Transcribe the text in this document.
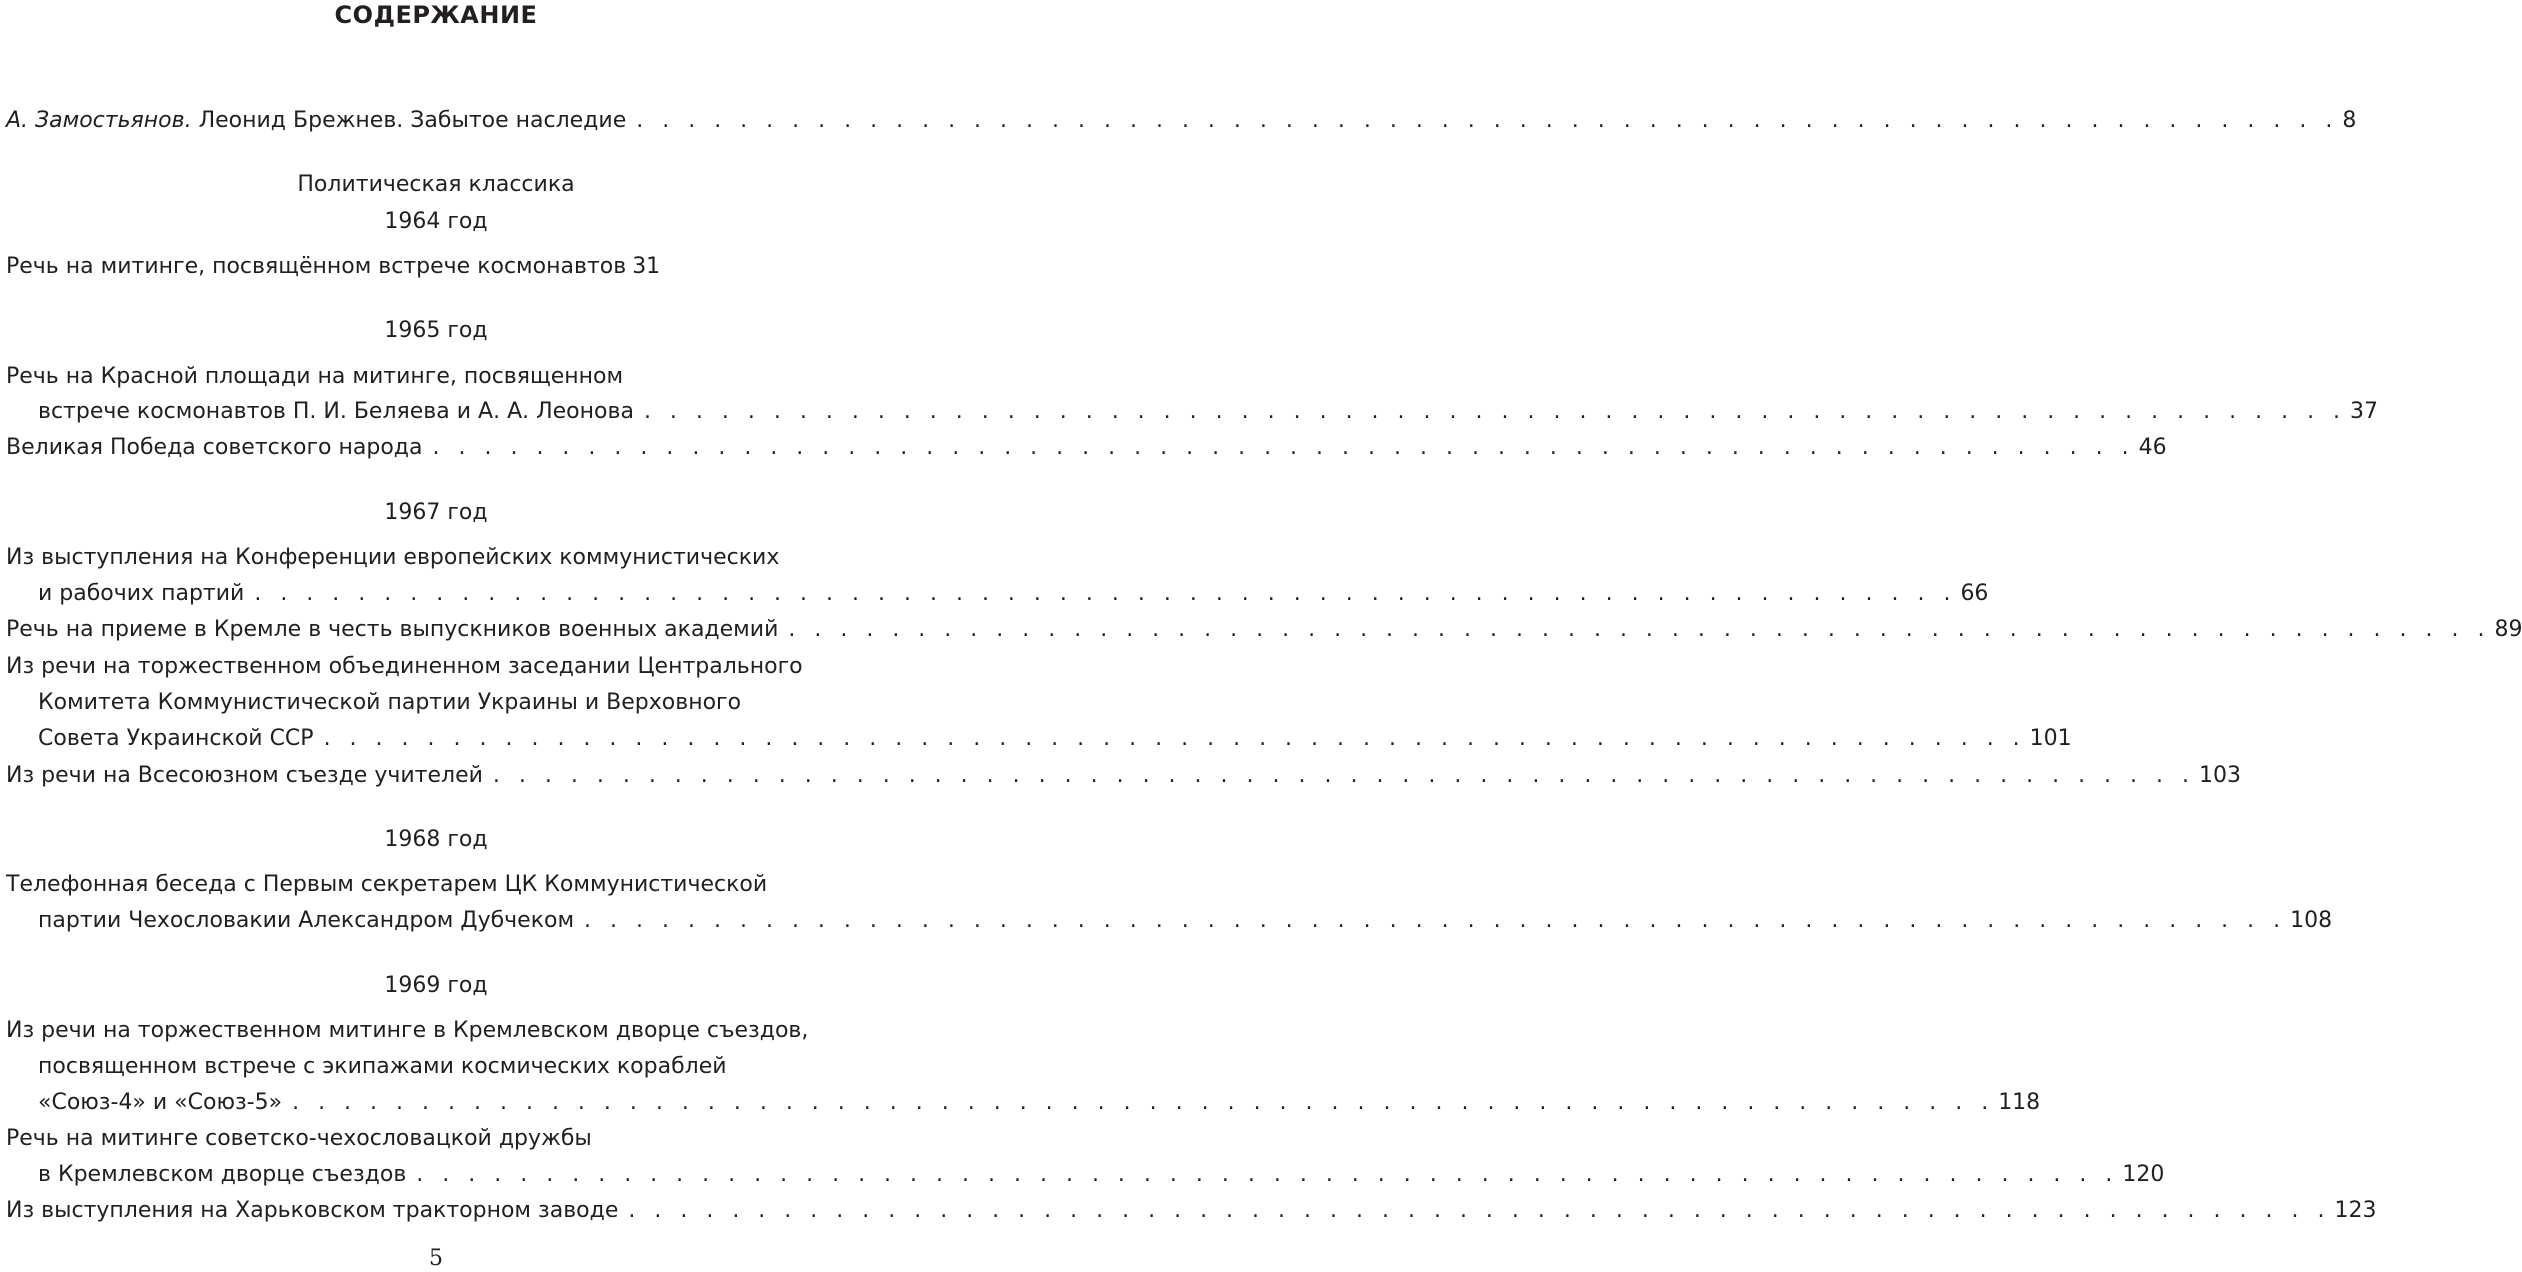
СОДЕРЖАНИЕ
А. Замостьянов. Леонид Брежнев. Забытое наследие . . . . . . . . . . . . . . . . . . . . . . . . . . . . . . . . . . . . . . . . . . . . . . . . . . . . . . . . . . . . . . . . . . 8
Политическая классика
1964 год
Речь на митинге, посвящённом встрече космонавтов 31
1965 год
Речь на Красной площади на митинге, посвященном
встрече космонавтов П. И. Беляева и А. А. Леонова . . . . . . . . . . . . . . . . . . . . . . . . . . . . . . . . . . . . . . . . . . . . . . . . . . . . . . . . . . . . . . . . . . 37
Великая Победа советского народа . . . . . . . . . . . . . . . . . . . . . . . . . . . . . . . . . . . . . . . . . . . . . . . . . . . . . . . . . . . . . . . . . . 46
1967 год
Из выступления на Конференции европейских коммунистических
и рабочих партий . . . . . . . . . . . . . . . . . . . . . . . . . . . . . . . . . . . . . . . . . . . . . . . . . . . . . . . . . . . . . . . . . . 66
Речь на приеме в Кремле в честь выпускников военных академий . . . . . . . . . . . . . . . . . . . . . . . . . . . . . . . . . . . . . . . . . . . . . . . . . . . . . . . . . . . . . . . . . . 89
Из речи на торжественном объединенном заседании Центрального
Комитета Коммунистической партии Украины и Верховного
Совета Украинской ССР . . . . . . . . . . . . . . . . . . . . . . . . . . . . . . . . . . . . . . . . . . . . . . . . . . . . . . . . . . . . . . . . . . 101
Из речи на Всесоюзном съезде учителей . . . . . . . . . . . . . . . . . . . . . . . . . . . . . . . . . . . . . . . . . . . . . . . . . . . . . . . . . . . . . . . . . . 103
1968 год
Телефонная беседа с Первым секретарем ЦК Коммунистической
партии Чехословакии Александром Дубчеком . . . . . . . . . . . . . . . . . . . . . . . . . . . . . . . . . . . . . . . . . . . . . . . . . . . . . . . . . . . . . . . . . . 108
1969 год
Из речи на торжественном митинге в Кремлевском дворце съездов,
посвященном встрече с экипажами космических кораблей
«Союз-4» и «Союз-5» . . . . . . . . . . . . . . . . . . . . . . . . . . . . . . . . . . . . . . . . . . . . . . . . . . . . . . . . . . . . . . . . . . 118
Речь на митинге советско-чехословацкой дружбы
в Кремлевском дворце съездов . . . . . . . . . . . . . . . . . . . . . . . . . . . . . . . . . . . . . . . . . . . . . . . . . . . . . . . . . . . . . . . . . . 120
Из выступления на Харьковском тракторном заводе . . . . . . . . . . . . . . . . . . . . . . . . . . . . . . . . . . . . . . . . . . . . . . . . . . . . . . . . . . . . . . . . . . 123
5
